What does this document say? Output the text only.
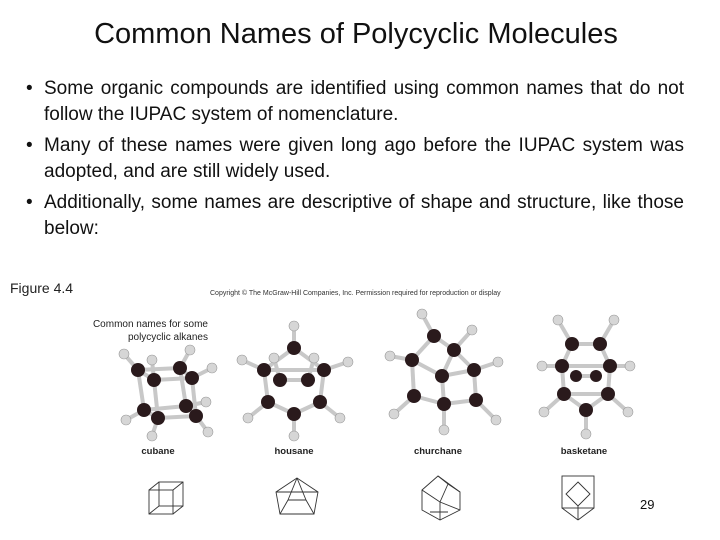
Common Names of Polycyclic Molecules
• Some organic compounds are identified using common names that do not follow the IUPAC system of nomenclature.
• Many of these names were given long ago before the IUPAC system was adopted, and are still widely used.
• Additionally, some names are descriptive of shape and structure, like those below:
Figure 4.4	Copyright © The McGraw-Hill Companies, Inc. Permission required for reproduction or display
Common names for some
polycyclic alkanes
cubane	housane	churchane	basketane
29
